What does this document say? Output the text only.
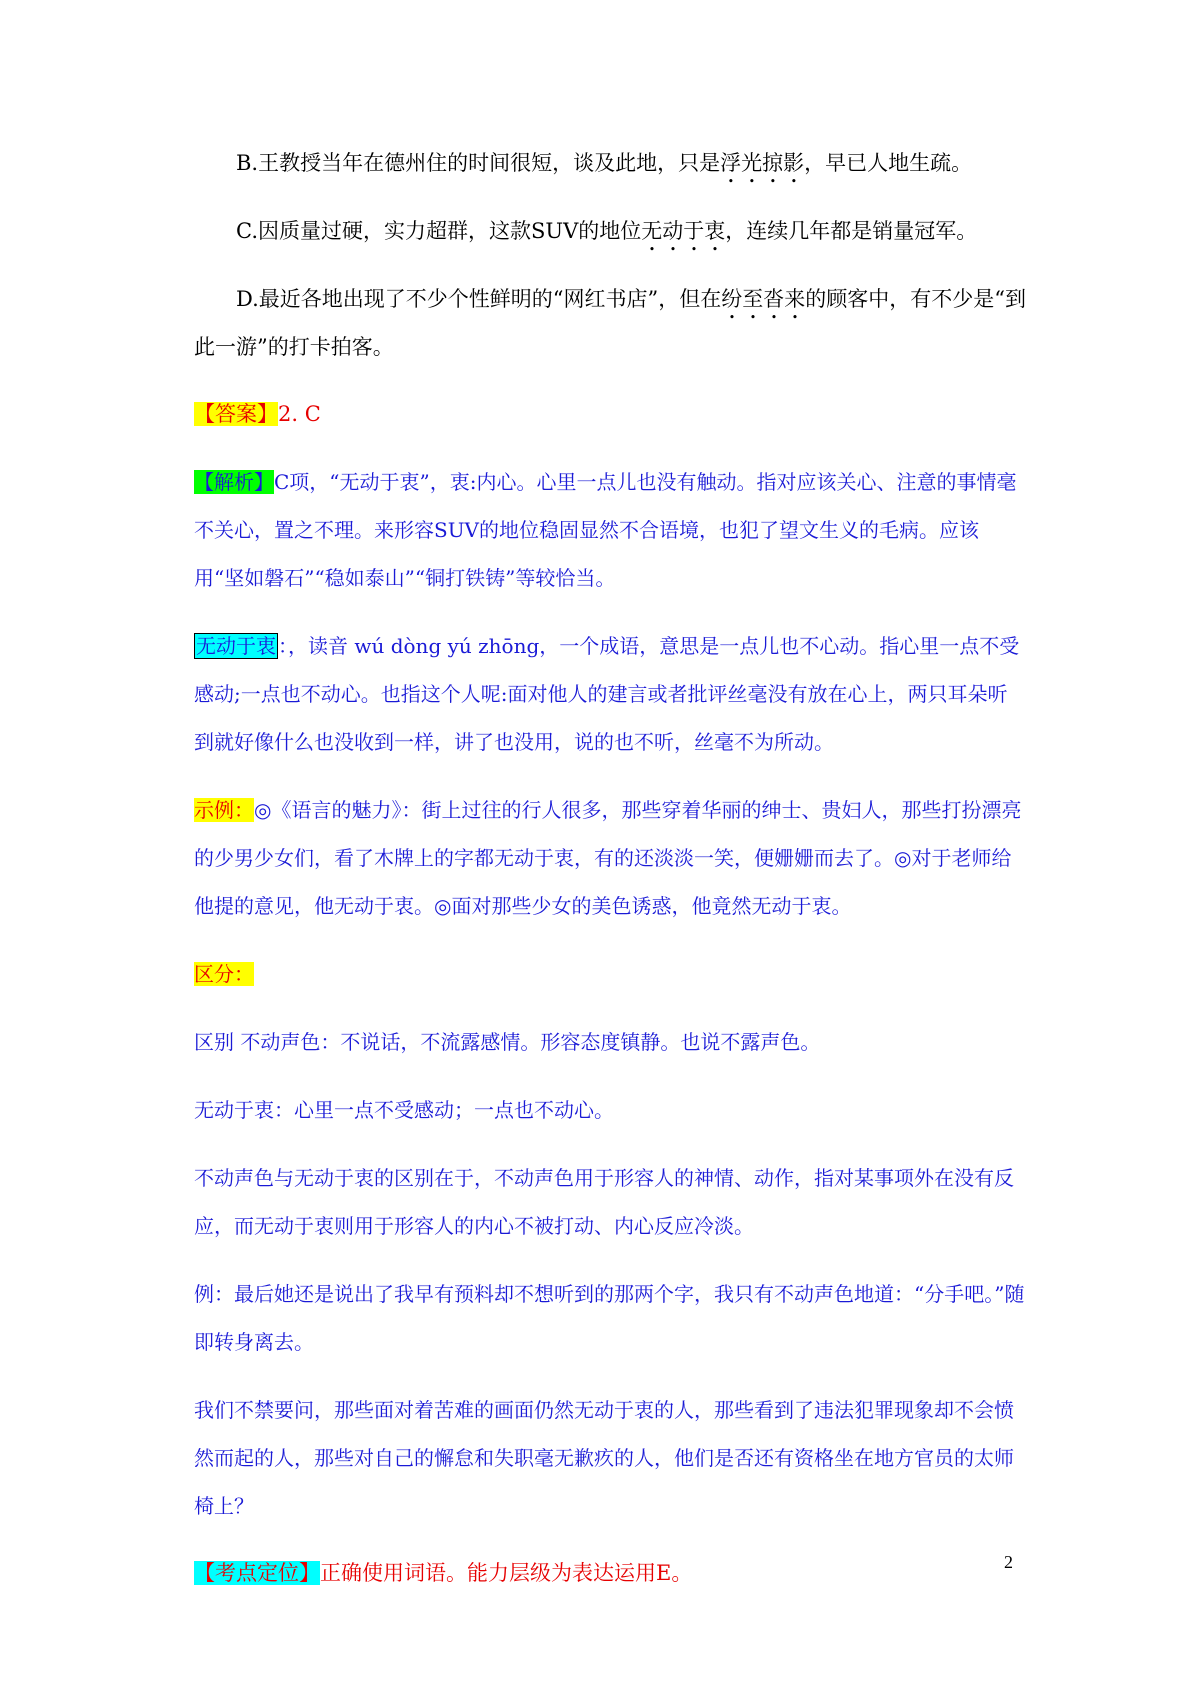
B.王教授当年在德州住的时间很短，谈及此地，只是浮光掠影，早已人地生疏。

C.因质量过硬，实力超群，这款SUV的地位无动于衷，连续几年都是销量冠军。

D.最近各地出现了不少个性鲜明的“网红书店”，但在纷至沓来的顾客中，有不少是“到此一游”的打卡拍客。

【答案】2. C

【解析】C项，“无动于衷”，衷:内心。心里一点儿也没有触动。指对应该关心、注意的事情毫不关心，置之不理。来形容SUV的地位稳固显然不合语境，也犯了望文生义的毛病。应该用“坚如磐石”“稳如泰山”“铜打铁铸”等较恰当。

无动于衷 ：，读音 wú dòng yú zhōng，一个成语，意思是一点儿也不心动。指心里一点不受感动;一点也不动心。也指这个人呢:面对他人的建言或者批评丝毫没有放在心上，两只耳朵听到就好像什么也没收到一样，讲了也没用，说的也不听，丝毫不为所动。

示例：◎《语言的魅力》：街上过往的行人很多，那些穿着华丽的绅士、贵妇人，那些打扮漂亮的少男少女们，看了木牌上的字都无动于衷，有的还淡淡一笑，便姗姗而去了。◎对于老师给他提的意见，他无动于衷。◎面对那些少女的美色诱惑，他竟然无动于衷。

区分：

区别 不动声色：不说话，不流露感情。形容态度镇静。也说不露声色。

无动于衷：心里一点不受感动；一点也不动心。

不动声色与无动于衷的区别在于，不动声色用于形容人的神情、动作，指对某事项外在没有反应，而无动于衷则用于形容人的内心不被打动、内心反应冷淡。

例：最后她还是说出了我早有预料却不想听到的那两个字，我只有不动声色地道：“分手吧。”随即转身离去。

我们不禁要问，那些面对着苦难的画面仍然无动于衷的人，那些看到了违法犯罪现象却不会愤然而起的人，那些对自己的懈怠和失职毫无歉疚的人，他们是否还有资格坐在地方官员的太师椅上？

【考点定位】正确使用词语。能力层级为表达运用E。	2
